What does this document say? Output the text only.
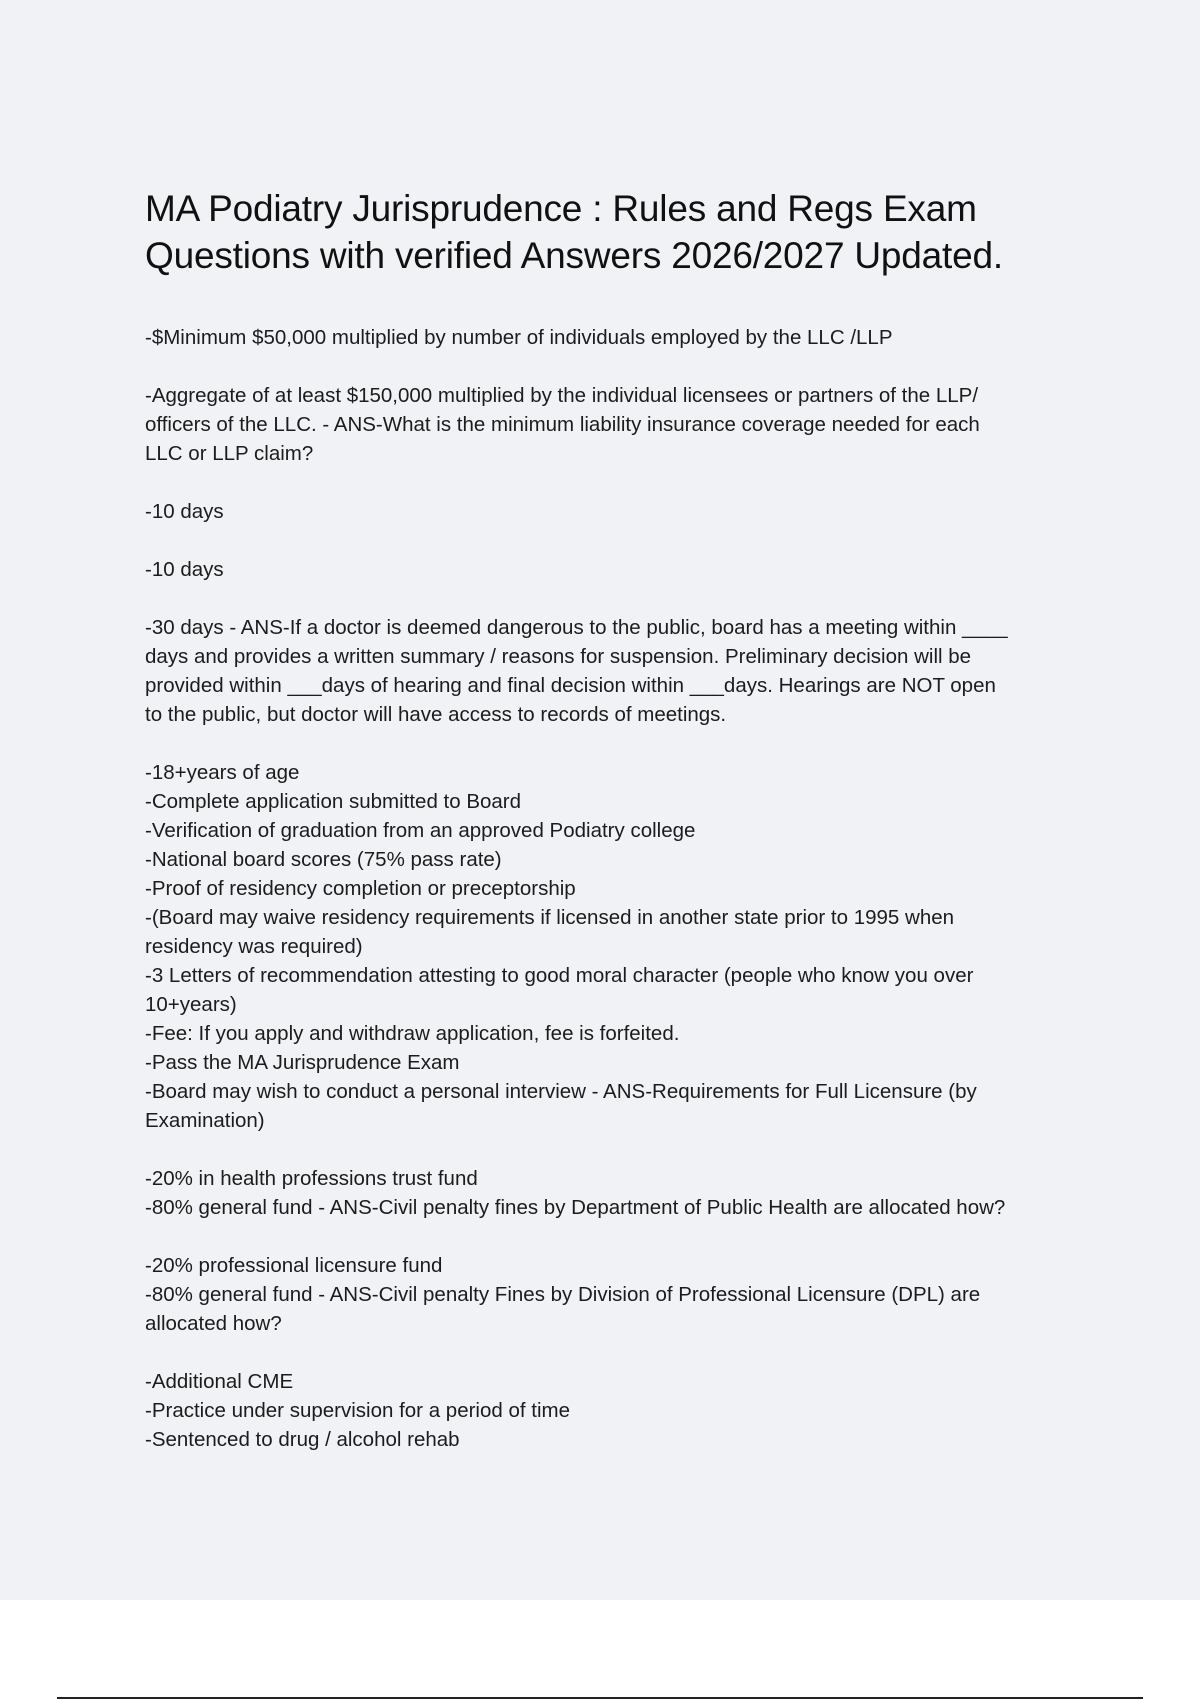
MA Podiatry Jurisprudence : Rules and Regs Exam
Questions with verified Answers 2026/2027 Updated.
-$Minimum $50,000 multiplied by number of individuals employed by the LLC /LLP
-Aggregate of at least $150,000 multiplied by the individual licensees or partners of the LLP/
officers of the LLC. - ANS-What is the minimum liability insurance coverage needed for each
LLC or LLP claim?
-10 days
-10 days
-30 days - ANS-If a doctor is deemed dangerous to the public, board has a meeting within ____
days and provides a written summary / reasons for suspension. Preliminary decision will be
provided within ___days of hearing and final decision within ___days. Hearings are NOT open
to the public, but doctor will have access to records of meetings.
-18+years of age
-Complete application submitted to Board
-Verification of graduation from an approved Podiatry college
-National board scores (75% pass rate)
-Proof of residency completion or preceptorship
-(Board may waive residency requirements if licensed in another state prior to 1995 when
residency was required)
-3 Letters of recommendation attesting to good moral character (people who know you over
10+years)
-Fee: If you apply and withdraw application, fee is forfeited.
-Pass the MA Jurisprudence Exam
-Board may wish to conduct a personal interview - ANS-Requirements for Full Licensure (by
Examination)
-20% in health professions trust fund
-80% general fund - ANS-Civil penalty fines by Department of Public Health are allocated how?
-20% professional licensure fund
-80% general fund - ANS-Civil penalty Fines by Division of Professional Licensure (DPL) are
allocated how?
-Additional CME
-Practice under supervision for a period of time
-Sentenced to drug / alcohol rehab
